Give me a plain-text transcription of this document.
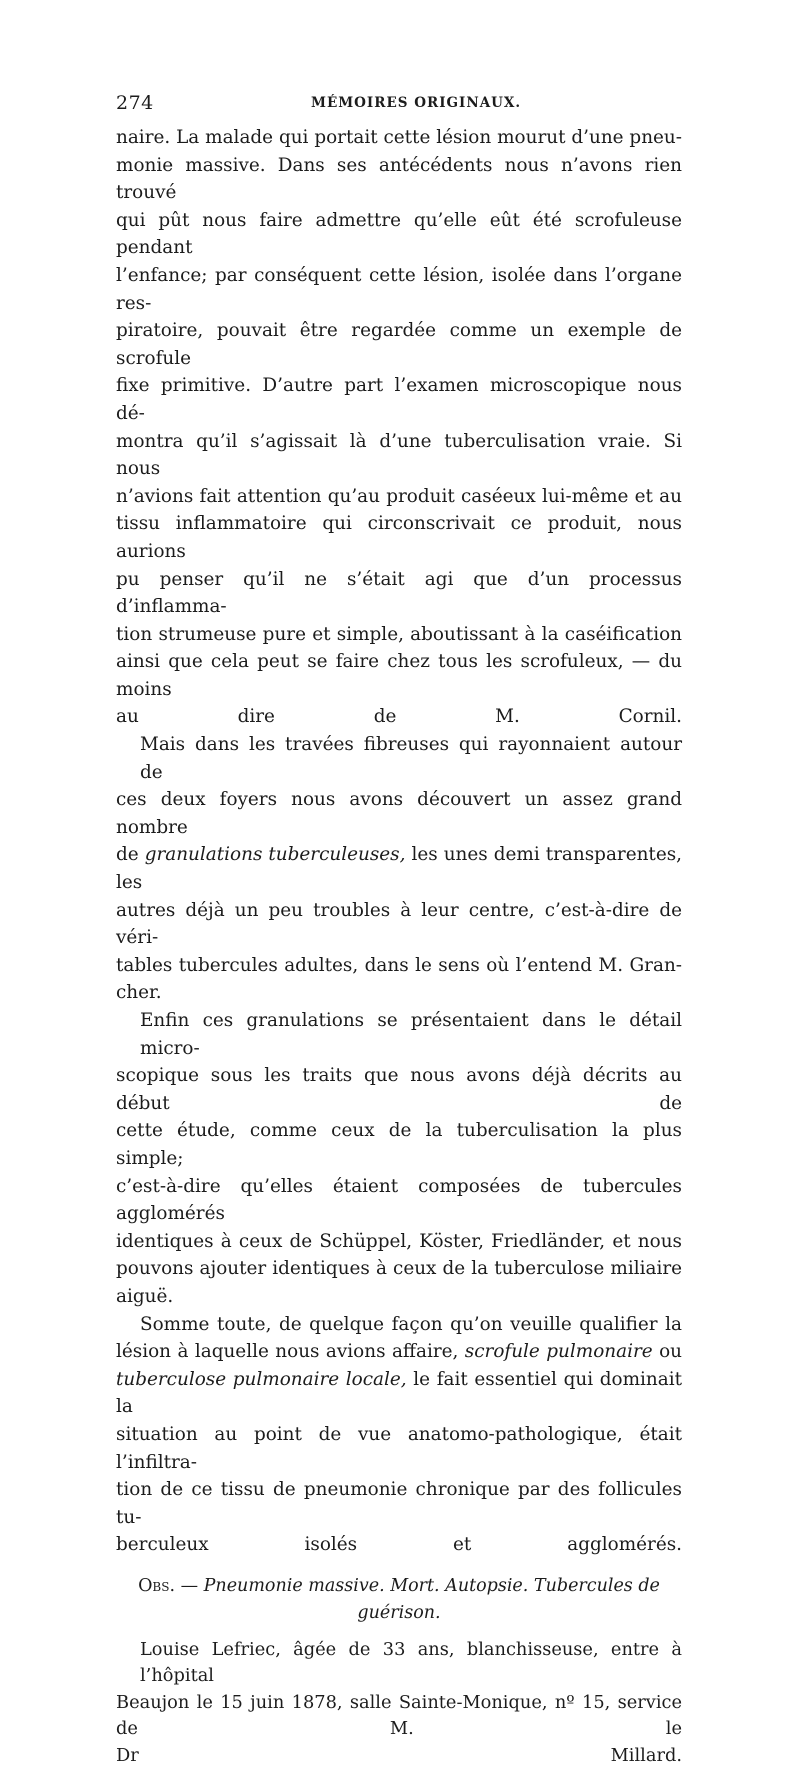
274	MÉMOIRES ORIGINAUX.
naire. La malade qui portait cette lésion mourut d’une pneu-
monie massive. Dans ses antécédents nous n’avons rien trouvé
qui pût nous faire admettre qu’elle eût été scrofuleuse pendant
l’enfance; par conséquent cette lésion, isolée dans l’organe res-
piratoire, pouvait être regardée comme un exemple de scrofule
fixe primitive. D’autre part l’examen microscopique nous dé-
montra qu’il s’agissait là d’une tuberculisation vraie. Si nous
n’avions fait attention qu’au produit caséeux lui-même et au
tissu inflammatoire qui circonscrivait ce produit, nous aurions
pu penser qu’il ne s’était agi que d’un processus d’inflamma-
tion strumeuse pure et simple, aboutissant à la caséification
ainsi que cela peut se faire chez tous les scrofuleux, — du moins
au dire de M. Cornil.
Mais dans les travées fibreuses qui rayonnaient autour de
ces deux foyers nous avons découvert un assez grand nombre
de granulations tuberculeuses, les unes demi transparentes, les
autres déjà un peu troubles à leur centre, c’est-à-dire de véri-
tables tubercules adultes, dans le sens où l’entend M. Gran-
cher.
Enfin ces granulations se présentaient dans le détail micro-
scopique sous les traits que nous avons déjà décrits au début de
cette étude, comme ceux de la tuberculisation la plus simple;
c’est-à-dire qu’elles étaient composées de tubercules agglomérés
identiques à ceux de Schüppel, Köster, Friedländer, et nous
pouvons ajouter identiques à ceux de la tuberculose miliaire
aiguë.
Somme toute, de quelque façon qu’on veuille qualifier la
lésion à laquelle nous avions affaire, scrofule pulmonaire ou
tuberculose pulmonaire locale, le fait essentiel qui dominait la
situation au point de vue anatomo-pathologique, était l’infiltra-
tion de ce tissu de pneumonie chronique par des follicules tu-
berculeux isolés et agglomérés.
Obs. — Pneumonie massive. Mort. Autopsie. Tubercules de guérison.
Louise Lefriec, âgée de 33 ans, blanchisseuse, entre à l’hôpital
Beaujon le 15 juin 1878, salle Sainte-Monique, nº 15, service de M. le
Dr Millard.
